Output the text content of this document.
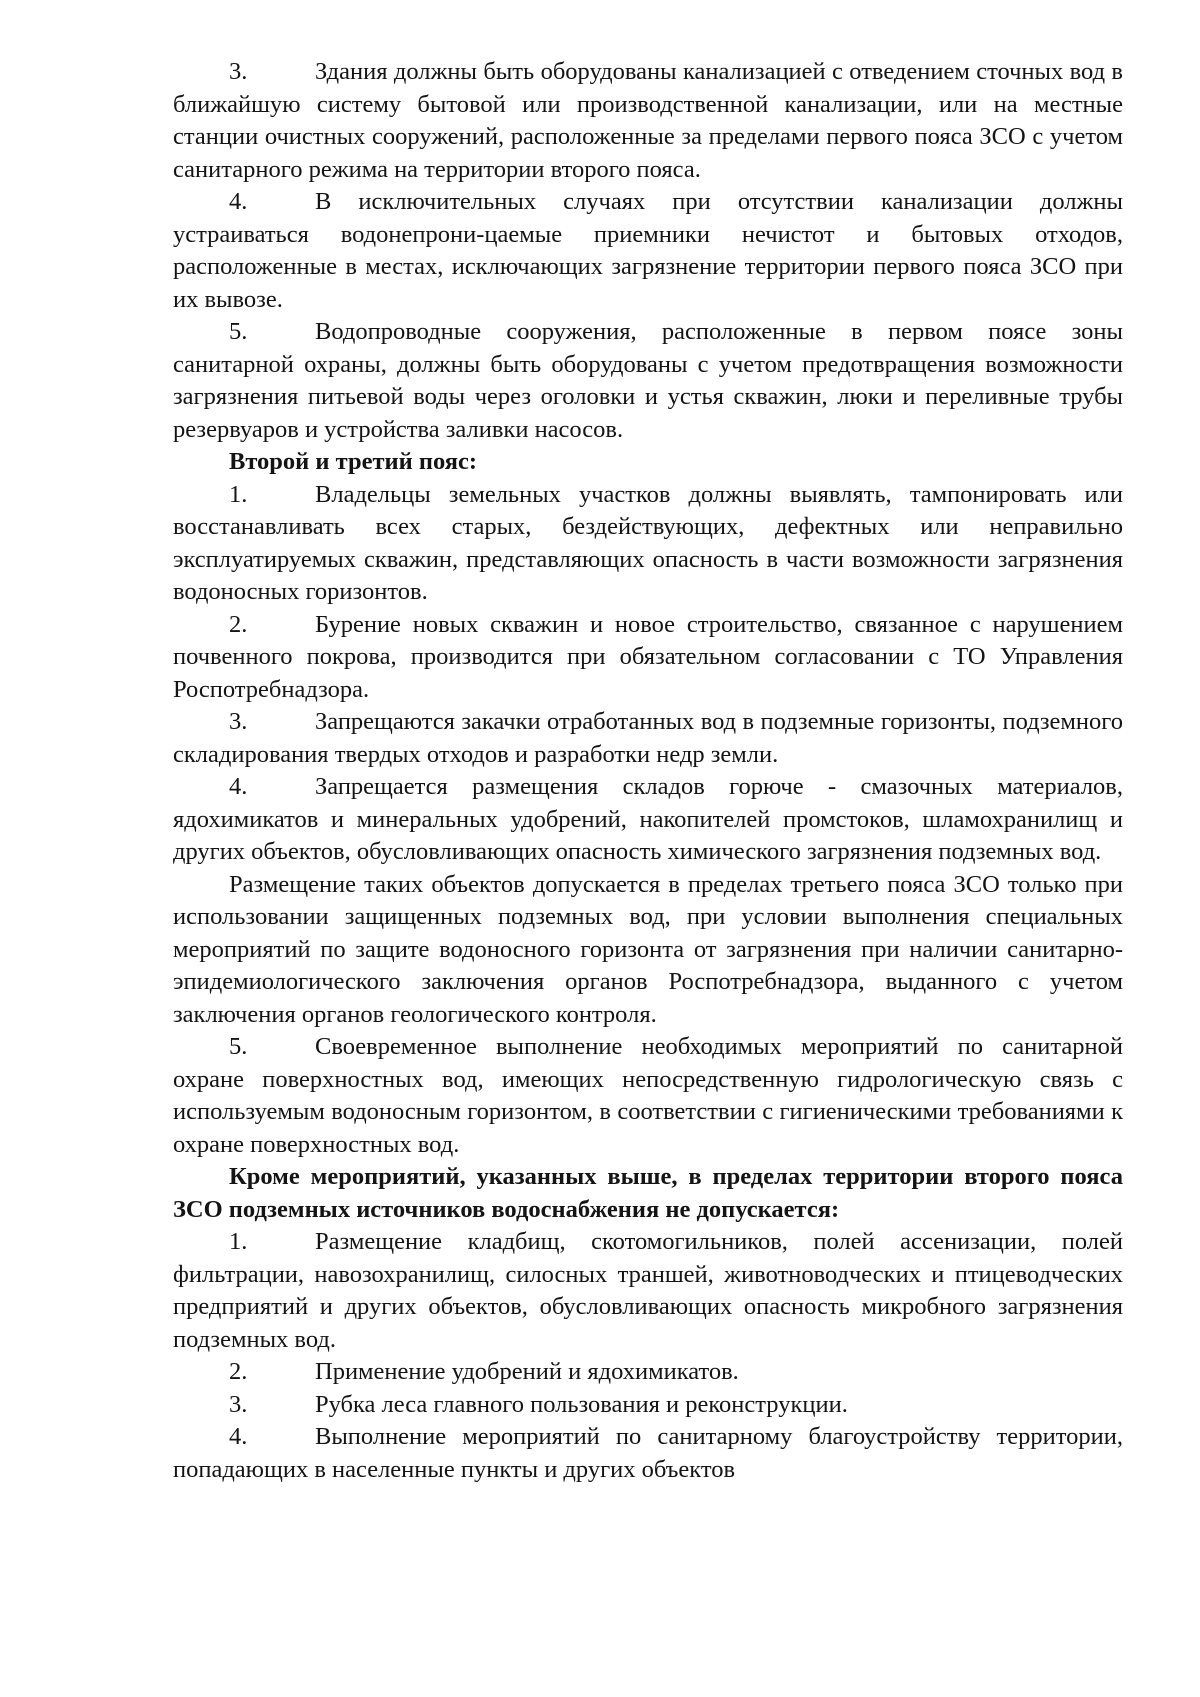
3.	Здания должны быть оборудованы канализацией с отведением сточных вод в ближайшую систему бытовой или производственной канализации, или на местные станции очистных сооружений, расположенные за пределами первого пояса ЗСО с учетом санитарного режима на территории второго пояса.

4.	В исключительных случаях при отсутствии канализации должны устраиваться водонепрони-цаемые приемники нечистот и бытовых отходов, расположенные в местах, исключающих загрязнение территории первого пояса ЗСО при их вывозе.

5.	Водопроводные сооружения, расположенные в первом поясе зоны санитарной охраны, должны быть оборудованы с учетом предотвращения возможности загрязнения питьевой воды через оголовки и устья скважин, люки и переливные трубы резервуаров и устройства заливки насосов.

Второй и третий пояс:

1.	Владельцы земельных участков должны выявлять, тампонировать или восстанавливать всех старых, бездействующих, дефектных или неправильно эксплуатируемых скважин, представляющих опасность в части возможности загрязнения водоносных горизонтов.

2.	Бурение новых скважин и новое строительство, связанное с нарушением почвенного покрова, производится при обязательном согласовании с ТО Управления Роспотребнадзора.

3.	Запрещаются закачки отработанных вод в подземные горизонты, подземного складирования твердых отходов и разработки недр земли.

4.	Запрещается размещения складов горюче - смазочных материалов, ядохимикатов и минеральных удобрений, накопителей промстоков, шламохранилищ и других объектов, обусловливающих опасность химического загрязнения подземных вод.

Размещение таких объектов допускается в пределах третьего пояса ЗСО только при использовании защищенных подземных вод, при условии выполнения специальных мероприятий по защите водоносного горизонта от загрязнения при наличии санитарно-эпидемиологического заключения органов Роспотребнадзора, выданного с учетом заключения органов геологического контроля.

5.	Своевременное выполнение необходимых мероприятий по санитарной охране поверхностных вод, имеющих непосредственную гидрологическую связь с используемым водоносным горизонтом, в соответствии с гигиеническими требованиями к охране поверхностных вод.

Кроме мероприятий, указанных выше, в пределах территории второго пояса ЗСО подземных источников водоснабжения не допускается:

1.	Размещение кладбищ, скотомогильников, полей ассенизации, полей фильтрации, навозохранилищ, силосных траншей, животноводческих и птицеводческих предприятий и других объектов, обусловливающих опасность микробного загрязнения подземных вод.

2.	Применение удобрений и ядохимикатов.

3.	Рубка леса главного пользования и реконструкции.

4.	Выполнение мероприятий по санитарному благоустройству территории, попадающих в населенные пункты и других объектов
